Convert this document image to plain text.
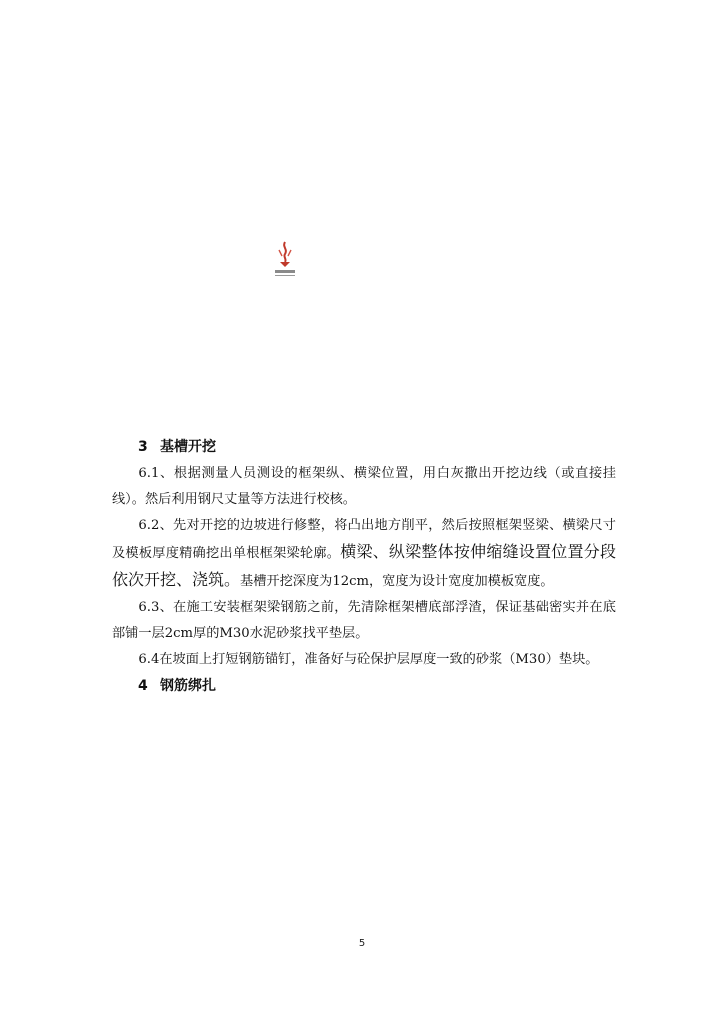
3 基槽开挖

6.1、根据测量人员测设的框架纵、横梁位置，用白灰撒出开挖边线（或直接挂线）。然后利用钢尺丈量等方法进行校核。

6.2、先对开挖的边坡进行修整，将凸出地方削平，然后按照框架竖梁、横梁尺寸及模板厚度精确挖出单根框架梁轮廓。横梁、纵梁整体按伸缩缝设置位置分段依次开挖、浇筑。基槽开挖深度为12cm，宽度为设计宽度加模板宽度。

6.3、在施工安装框架梁钢筋之前，先清除框架槽底部浮渣，保证基础密实并在底部铺一层2cm厚的M30水泥砂浆找平垫层。

6.4在坡面上打短钢筋锚钉，准备好与砼保护层厚度一致的砂浆（M30）垫块。

4 钢筋绑扎
5
